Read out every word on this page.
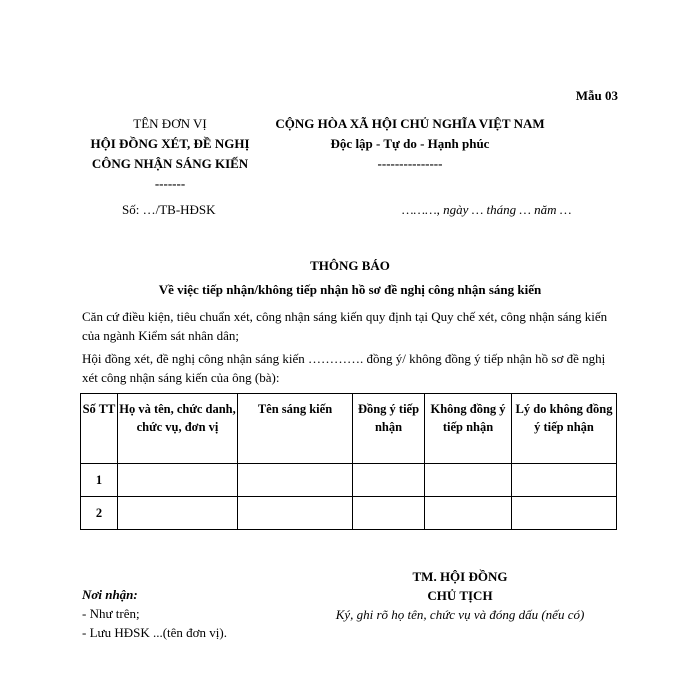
Mẫu 03
TÊN ĐƠN VỊ
HỘI ĐỒNG XÉT, ĐỀ NGHỊ
CÔNG NHẬN SÁNG KIẾN
-------
CỘNG HÒA XÃ HỘI CHỦ NGHĨA VIỆT NAM
Độc lập - Tự do - Hạnh phúc
---------------
Số: …/TB-HĐSK	………, ngày … tháng … năm …
THÔNG BÁO
Về việc tiếp nhận/không tiếp nhận hồ sơ đề nghị công nhận sáng kiến
Căn cứ điều kiện, tiêu chuẩn xét, công nhận sáng kiến quy định tại Quy chế xét, công nhận sáng kiến của ngành Kiểm sát nhân dân;
Hội đồng xét, đề nghị công nhận sáng kiến …………. đồng ý/ không đồng ý tiếp nhận hồ sơ đề nghị xét công nhận sáng kiến của ông (bà):
Số TT	Họ và tên, chức danh, chức vụ, đơn vị	Tên sáng kiến	Đồng ý tiếp nhận	Không đồng ý tiếp nhận	Lý do không đồng ý tiếp nhận
1					
2					
Nơi nhận:
- Như trên;
- Lưu HĐSK ...(tên đơn vị).
TM. HỘI ĐỒNG
CHỦ TỊCH
Ký, ghi rõ họ tên, chức vụ và đóng dấu (nếu có)
